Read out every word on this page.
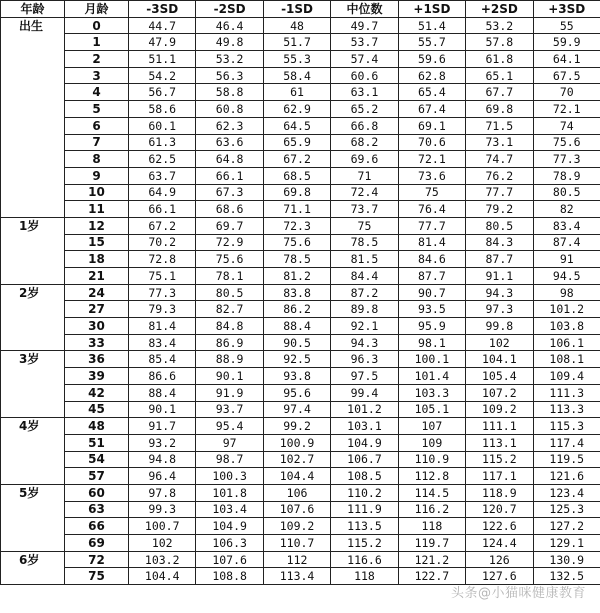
年龄	月龄	-3SD	-2SD	-1SD	中位数	+1SD	+2SD	+3SD
出生	0	44.7	46.4	48	49.7	51.4	53.2	55
	1	47.9	49.8	51.7	53.7	55.7	57.8	59.9
	2	51.1	53.2	55.3	57.4	59.6	61.8	64.1
	3	54.2	56.3	58.4	60.6	62.8	65.1	67.5
	4	56.7	58.8	61	63.1	65.4	67.7	70
	5	58.6	60.8	62.9	65.2	67.4	69.8	72.1
	6	60.1	62.3	64.5	66.8	69.1	71.5	74
	7	61.3	63.6	65.9	68.2	70.6	73.1	75.6
	8	62.5	64.8	67.2	69.6	72.1	74.7	77.3
	9	63.7	66.1	68.5	71	73.6	76.2	78.9
	10	64.9	67.3	69.8	72.4	75	77.7	80.5
	11	66.1	68.6	71.1	73.7	76.4	79.2	82
1岁	12	67.2	69.7	72.3	75	77.7	80.5	83.4
	15	70.2	72.9	75.6	78.5	81.4	84.3	87.4
	18	72.8	75.6	78.5	81.5	84.6	87.7	91
	21	75.1	78.1	81.2	84.4	87.7	91.1	94.5
2岁	24	77.3	80.5	83.8	87.2	90.7	94.3	98
	27	79.3	82.7	86.2	89.8	93.5	97.3	101.2
	30	81.4	84.8	88.4	92.1	95.9	99.8	103.8
	33	83.4	86.9	90.5	94.3	98.1	102	106.1
3岁	36	85.4	88.9	92.5	96.3	100.1	104.1	108.1
	39	86.6	90.1	93.8	97.5	101.4	105.4	109.4
	42	88.4	91.9	95.6	99.4	103.3	107.2	111.3
	45	90.1	93.7	97.4	101.2	105.1	109.2	113.3
4岁	48	91.7	95.4	99.2	103.1	107	111.1	115.3
	51	93.2	97	100.9	104.9	109	113.1	117.4
	54	94.8	98.7	102.7	106.7	110.9	115.2	119.5
	57	96.4	100.3	104.4	108.5	112.8	117.1	121.6
5岁	60	97.8	101.8	106	110.2	114.5	118.9	123.4
	63	99.3	103.4	107.6	111.9	116.2	120.7	125.3
	66	100.7	104.9	109.2	113.5	118	122.6	127.2
	69	102	106.3	110.7	115.2	119.7	124.4	129.1
6岁	72	103.2	107.6	112	116.6	121.2	126	130.9
	75	104.4	108.8	113.4	118	122.7	127.6	132.5
头条@小猫咪健康教育
